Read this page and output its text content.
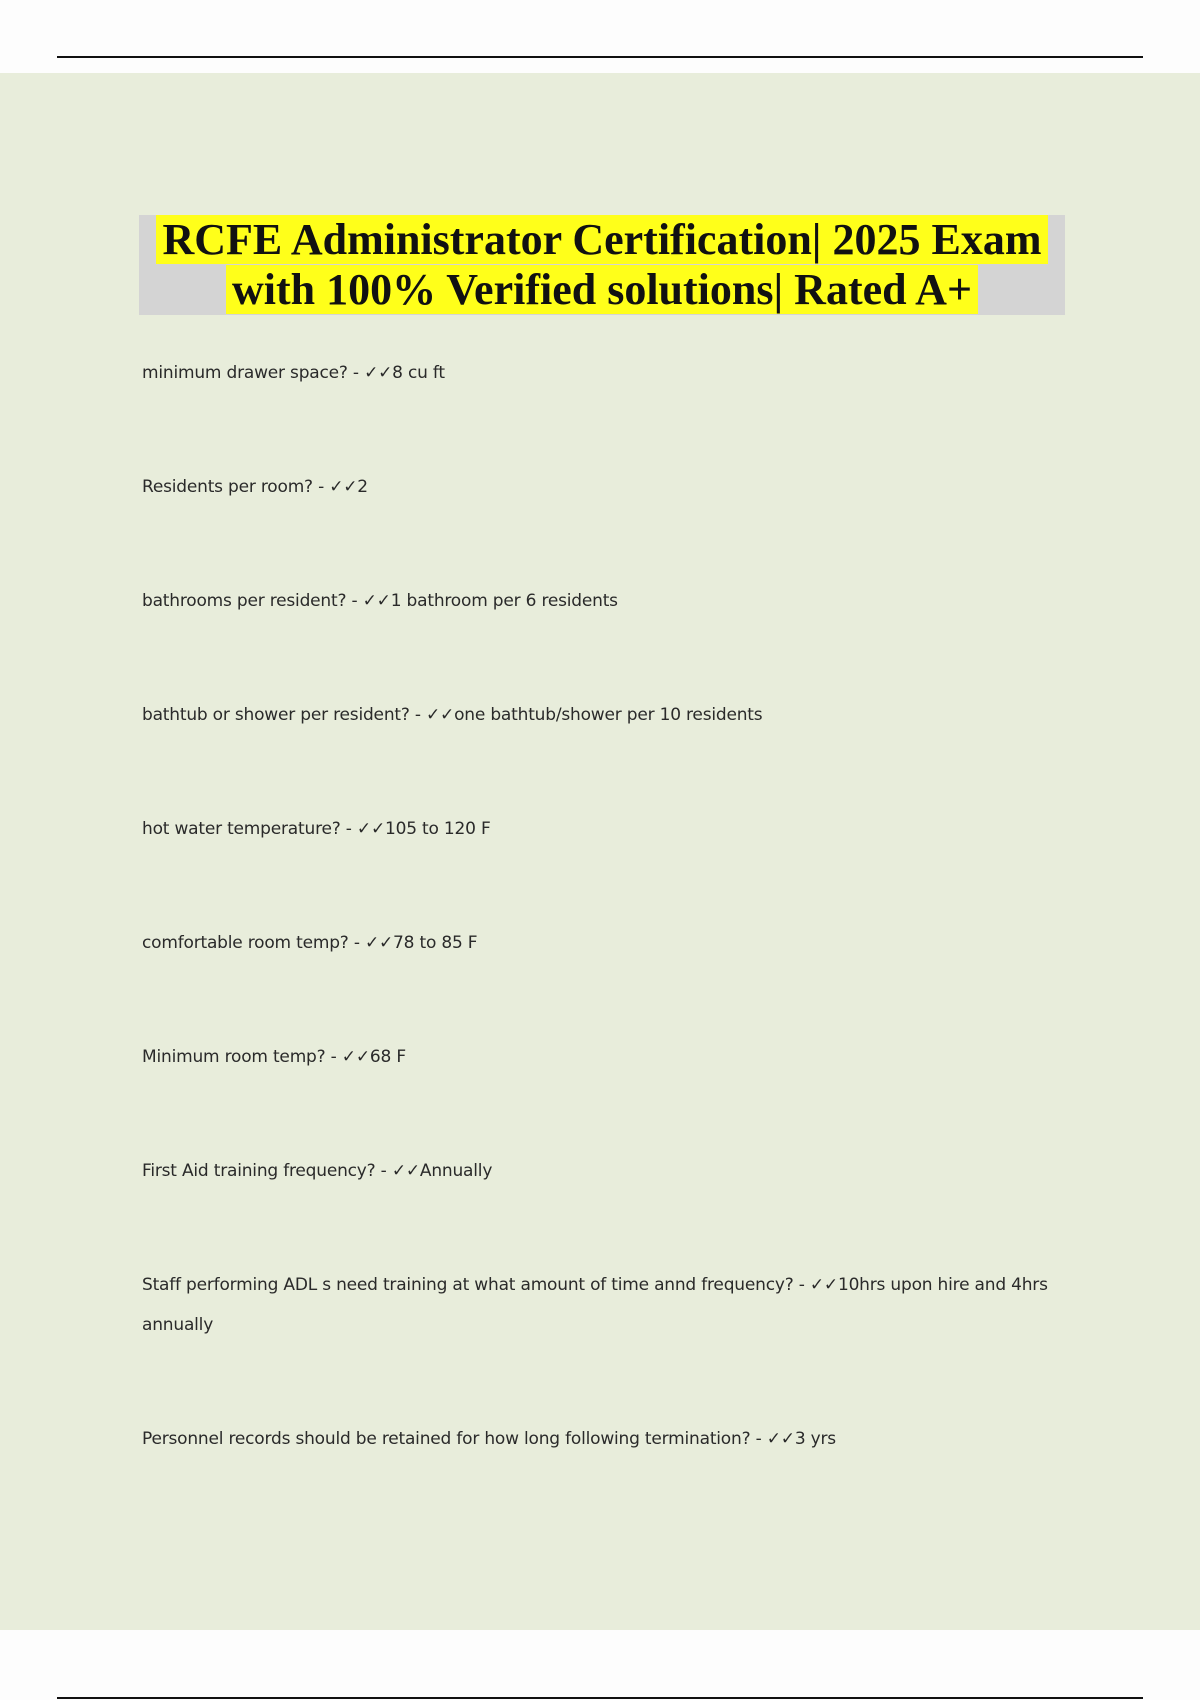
RCFE Administrator Certification| 2025 Exam
with 100% Verified solutions| Rated A+
minimum drawer space? - ✓✓8 cu ft
Residents per room? - ✓✓2
bathrooms per resident? - ✓✓1 bathroom per 6 residents
bathtub or shower per resident? - ✓✓one bathtub/shower per 10 residents
hot water temperature? - ✓✓105 to 120 F
comfortable room temp? - ✓✓78 to 85 F
Minimum room temp? - ✓✓68 F
First Aid training frequency? - ✓✓Annually
Staff performing ADL s need training at what amount of time annd frequency? - ✓✓10hrs upon hire and 4hrs annually
Personnel records should be retained for how long following termination? - ✓✓3 yrs
